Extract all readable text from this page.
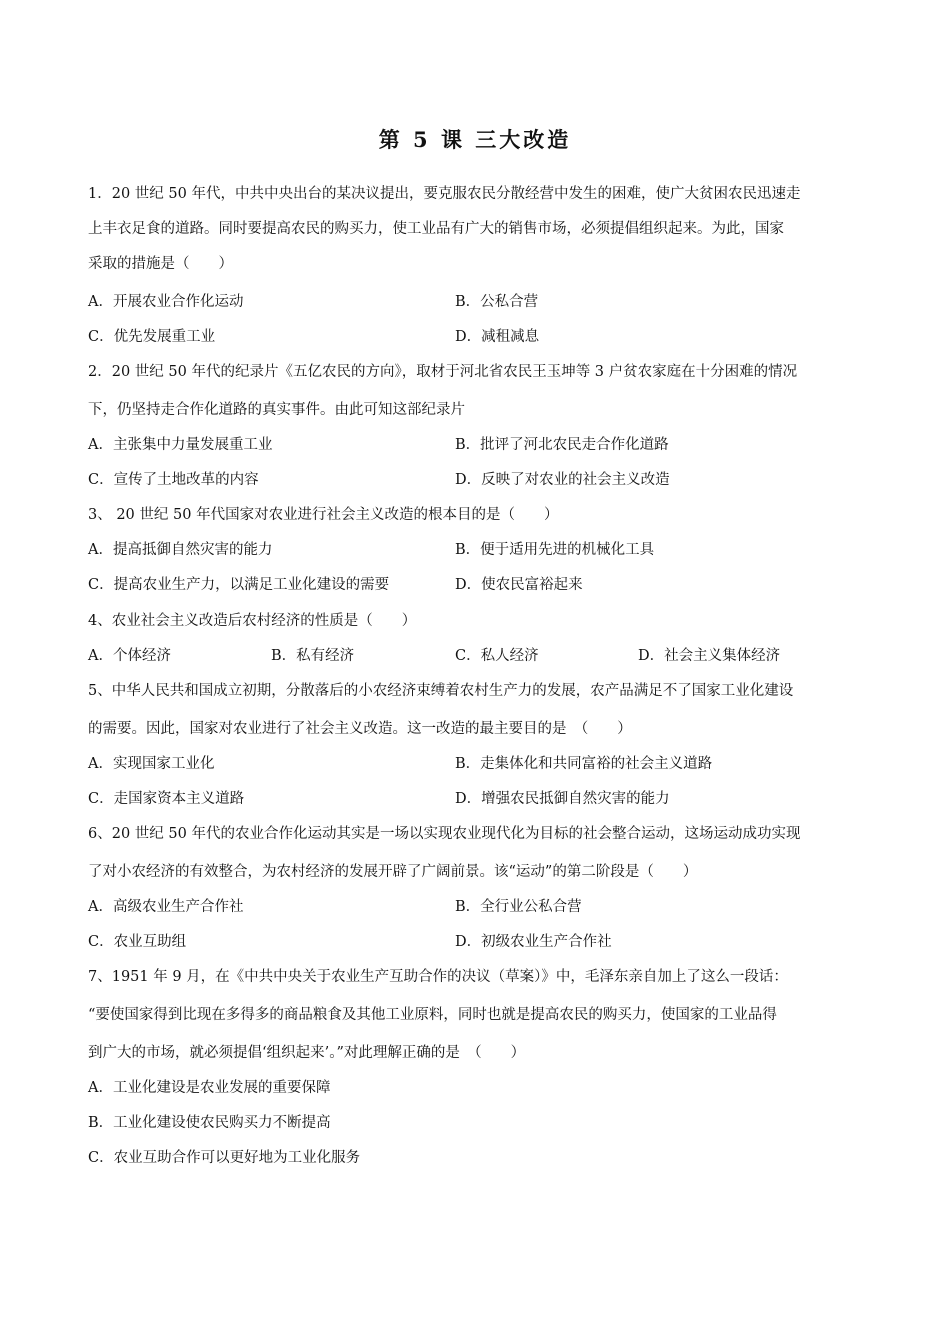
第 5 课 三大改造
1．20 世纪 50 年代，中共中央出台的某决议提出，要克服农民分散经营中发生的困难，使广大贫困农民迅速走
上丰衣足食的道路。同时要提高农民的购买力，使工业品有广大的销售市场，必须提倡组织起来。为此，国家
采取的措施是（　　）
A．开展农业合作化运动	B．公私合营
C．优先发展重工业	D．减租减息
2．20 世纪 50 年代的纪录片《五亿农民的方向》，取材于河北省农民王玉坤等 3 户贫农家庭在十分困难的情况
下，仍坚持走合作化道路的真实事件。由此可知这部纪录片
A．主张集中力量发展重工业	B．批评了河北农民走合作化道路
C．宣传了土地改革的内容	D．反映了对农业的社会主义改造
3、 20 世纪 50 年代国家对农业进行社会主义改造的根本目的是（　　）
A．提高抵御自然灾害的能力	B．便于适用先进的机械化工具
C．提高农业生产力，以满足工业化建设的需要	D．使农民富裕起来
4、农业社会主义改造后农村经济的性质是（　　）
A．个体经济	B．私有经济	C．私人经济	D．社会主义集体经济
5、中华人民共和国成立初期，分散落后的小农经济束缚着农村生产力的发展，农产品满足不了国家工业化建设
的需要。因此，国家对农业进行了社会主义改造。这一改造的最主要目的是　（　　）
A．实现国家工业化	B．走集体化和共同富裕的社会主义道路
C．走国家资本主义道路	D．增强农民抵御自然灾害的能力
6、20 世纪 50 年代的农业合作化运动其实是一场以实现农业现代化为目标的社会整合运动，这场运动成功实现
了对小农经济的有效整合，为农村经济的发展开辟了广阔前景。该“运动”的第二阶段是（　　）
A．高级农业生产合作社	B．全行业公私合营
C．农业互助组	D．初级农业生产合作社
7、1951 年 9 月，在《中共中央关于农业生产互助合作的决议（草案）》中，毛泽东亲自加上了这么一段话：
“要使国家得到比现在多得多的商品粮食及其他工业原料，同时也就是提高农民的购买力，使国家的工业品得
到广大的市场，就必须提倡‘组织起来’。”对此理解正确的是　（　　）
A．工业化建设是农业发展的重要保障
B．工业化建设使农民购买力不断提高
C．农业互助合作可以更好地为工业化服务
